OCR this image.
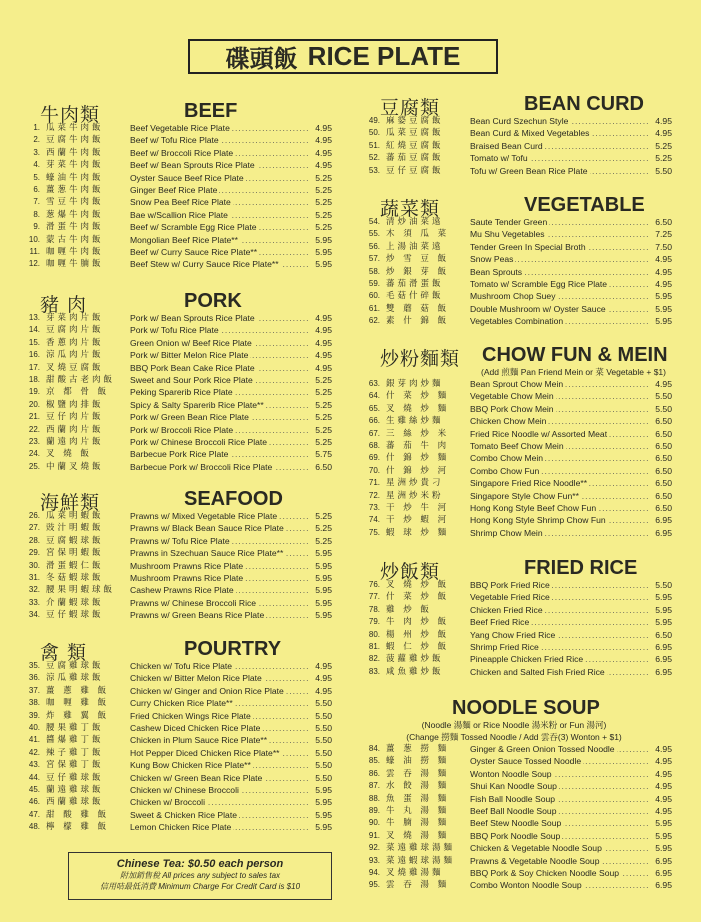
碟頭飯 RICE PLATE
牛肉類	BEEF
1. 瓜菜牛肉飯	Beef Vegetable Rice Plate .....	4.95
2. 豆腐牛肉飯	Beef w/ Tofu Rice Plate .....	4.95
3. 西蘭牛肉飯	Beef w/ Broccoli Rice Plate .....	4.95
4. 芽菜牛肉飯	Beef w/ Bean Sprouts Rice Plate .....	4.95
5. 蠔油牛肉飯	Oyster Sauce Beef Rice Plate .....	5.25
6. 薑葱牛肉飯	Ginger Beef Rice Plate .....	5.25
7. 雪豆牛肉飯	Snow Pea Beef Rice Plate .....	5.25
8. 葱爆牛肉飯	Bae w/Scallion Rice Plate .....	5.25
9. 滑蛋牛肉飯	Beef w/ Scramble Egg Rice Plate .....	5.25
10. 蒙古牛肉飯	Mongolian Beef Rice Plate** .....	5.95
11. 咖喱牛肉飯	Beef w/ Curry Sauce Rice Plate** .....	5.95
12. 咖喱牛腩飯	Beef Stew w/ Curry Sauce Rice Plate** .....	5.95
豬 肉	PORK
13. 芽菜肉片飯	Pork w/ Bean Sprouts Rice Plate .....	4.95
14. 豆腐肉片飯	Pork w/ Tofu Rice Plate .....	4.95
15. 香蔥肉片飯	Green Onion w/ Beef Rice Plate .....	4.95
16. 涼瓜肉片飯	Pork w/ Bitter Melon Rice Plate .....	4.95
17. 叉燒豆腐飯	BBQ Pork Bean Cake Rice Plate .....	4.95
18. 甜酸古老肉飯	Sweet and Sour Pork Rice Plate .....	5.25
19. 京 都 骨 飯	Peking Sparerib Rice Plate .....	5.25
20. 椒鹽肉排飯	Spicy & Salty Sparerib Rice Plate** .....	5.25
21. 豆仔肉片飯	Pork w/ Green Bean Rice Plate .....	5.25
22. 西蘭肉片飯	Pork w/ Broccoli Rice Plate .....	5.25
23. 蘭遠肉片飯	Pork w/ Chinese Broccoli Rice Plate .....	5.25
24. 叉 燒 飯	Barbecue Pork Rice Plate .....	5.75
25. 中蘭叉燒飯	Barbecue Pork w/ Broccoli Rice Plate .....	6.50
海鮮類	SEAFOOD
26. 瓜菜明蝦飯	Prawns w/ Mixed Vegetable Rice Plate .....	5.25
27. 豉汁明蝦飯	Prawns w/ Black Bean Sauce Rice Plate .....	5.25
28. 豆腐蝦球飯	Prawns w/ Tofu Rice Plate .....	5.25
29. 宮保明蝦飯	Prawns in Szechuan Sauce Rice Plate** .....	5.95
30. 滑蛋蝦仁飯	Mushroom Prawns Rice Plate .....	5.95
31. 冬菇蝦球飯	Mushroom Prawns Rice Plate .....	5.95
32. 腰果明蝦球飯	Cashew Prawns Rice Plate .....	5.95
33. 介蘭蝦球飯	Prawns w/ Chinese Broccoli Rice .....	5.95
34. 豆仔蝦球飯	Prawns w/ Green Beans Rice Plate .....	5.95
禽 類	POURTRY
35. 豆腐雞球飯	Chicken w/ Tofu Rice Plate .....	4.95
36. 涼瓜雞球飯	Chicken w/ Bitter Melon Rice Plate .....	4.95
37. 薑 蔥 雞 飯	Chicken w/ Ginger and Onion Rice Plate .....	4.95
38. 咖 喱 雞 飯	Curry Chicken Rice Plate** .....	5.50
39. 炸 雞 翼 飯	Fried Chicken Wings Rice Plate .....	5.50
40. 腰果雞丁飯	Cashew Diced Chicken Rice Plate .....	5.50
41. 醬爆雞丁飯	Chicken in Plum Sauce Rice Plate** .....	5.50
42. 辣子雞丁飯	Hot Pepper Diced Chicken Rice Plate** .....	5.50
43. 宮保雞丁飯	Kung Bow Chicken Rice Plate** .....	5.50
44. 豆仔雞球飯	Chicken w/ Green Bean Rice Plate .....	5.50
45. 蘭遠雞球飯	Chicken w/ Chinese Broccoli .....	5.95
46. 西蘭雞球飯	Chicken w/ Broccoli .....	5.95
47. 甜 酸 雞 飯	Sweet & Chicken Rice Plate .....	5.95
48. 檸 檬 雞 飯	Lemon Chicken Rice Plate .....	5.95
豆腐類	BEAN CURD
49. 麻婆豆腐飯	Bean Curd Szechun Style .....	4.95
50. 瓜菜豆腐飯	Bean Curd & Mixed Vegetables .....	4.95
51. 紅燒豆腐飯	Braised Bean Curd .....	5.25
52. 蕃茄豆腐飯	Tomato w/ Tofu .....	5.25
53. 豆仔豆腐飯	Tofu w/ Green Bean Rice Plate .....	5.50
蔬菜類	VEGETABLE
54. 清炒油菜遠	Saute Tender Green .....	6.50
55. 木 須 瓜 菜	Mu Shu Vegetables .....	7.25
56. 上湯油菜遠	Tender Green In Special Broth .....	7.50
57. 炒 雪 豆 飯	Snow Peas .....	4.95
58. 炒 銀 芽 飯	Bean Sprouts .....	4.95
59. 蕃茄滑蛋飯	Tomato w/ Scramble Egg Rice Plate .....	4.95
60. 毛菇什碎飯	Mushroom Chop Suey .....	5.95
61. 雙 蘑 菇 飯	Double Mushroom w/ Oyster Sauce .....	5.95
62. 素 什 錦 飯	Vegetables Combination .....	5.95
炒粉麵類 CHOW FUN & MEIN
(Add 煎麵 Pan Friend Mein or 菜 Vegetable + $1)
63. 銀芽肉炒麵	Bean Sprout Chow Mein .....	4.95
64. 什 菜 炒 麵	Vegetable Chow Mein .....	5.50
65. 叉 燒 炒 麵	BBQ Pork Chow Mein .....	5.50
66. 生雞絲炒麵	Chicken Chow Mein .....	6.50
67. 三 絲 炒 米	Fried Rice Noodle w/ Assorted Meat .....	6.50
68. 蕃 茄 牛 肉	Tomato Beef Chow Mein .....	6.50
69. 什 錦 炒 麵	Combo Chow Mein .....	6.50
70. 什 錦 炒 河	Combo Chow Fun .....	6.50
71. 星洲炒貴刁	Singapore Fried Rice Noodle** .....	6.50
72. 星洲炒米粉	Singapore Style Chow Fun** .....	6.50
73. 干 炒 牛 河	Hong Kong Style Beef Chow Fun .....	6.50
74. 干 炒 蝦 河	Hong Kong Style Shrimp Chow Fun .....	6.95
75. 蝦 球 炒 麵	Shrimp Chow Mein .....	6.95
炒飯類	FRIED RICE
76. 叉 燒 炒 飯	BBQ Pork Fried Rice .....	5.50
77. 什 菜 炒 飯	Vegetable Fried Rice .....	5.95
78. 雞 炒 飯	Chicken Fried Rice .....	5.95
79. 牛 肉 炒 飯	Beef Fried Rice .....	5.95
80. 楊 州 炒 飯	Yang Chow Fried Rice .....	6.50
81. 蝦 仁 炒 飯	Shrimp Fried Rice .....	6.95
82. 菠蘿雞炒飯	Pineapple Chicken Fried Rice .....	6.95
83. 咸魚雞炒飯	Chicken and Salted Fish Fried Rice .....	6.95
NOODLE SOUP
(Noodle 湯麵 or Rice Noodle 湯米粉 or Fun 湯河)
(Change 撈麵 Tossed Noodle / Add 雲吞(3) Wonton + $1)
84. 薑 葱 撈 麵	Ginger & Green Onion Tossed Noodle .....	4.95
85. 蠔 油 撈 麵	Oyster Sauce Tossed Noodle .....	4.95
86. 雲 吞 湯 麵	Wonton Noodle Soup .....	4.95
87. 水 餃 湯 麵	Shui Kan Noodle Soup .....	4.95
88. 魚 蛋 湯 麵	Fish Ball Noodle Soup .....	4.95
89. 牛 丸 湯 麵	Beef Ball Noodle Soup .....	4.95
90. 牛 腩 湯 麵	Beef Stew Noodle Soup .....	5.95
91. 叉 燒 湯 麵	BBQ Pork Noodle Soup .....	5.95
92. 菜遠雞球湯麵	Chicken & Vegetable Noodle Soup .....	5.95
93. 菜遠蝦球湯麵	Prawns & Vegetable Noodle Soup .....	6.95
94. 叉燒雞湯麵	BBQ Pork & Soy Chicken Noodle Soup .....	6.95
95. 雲 吞 湯 麵	Combo Wonton Noodle Soup .....	6.95
Chinese Tea: $0.50 each person
附加銷售稅 All prices any subject to sales tax
信用咭最低消費 Minimum Charge For Credit Card is $10
